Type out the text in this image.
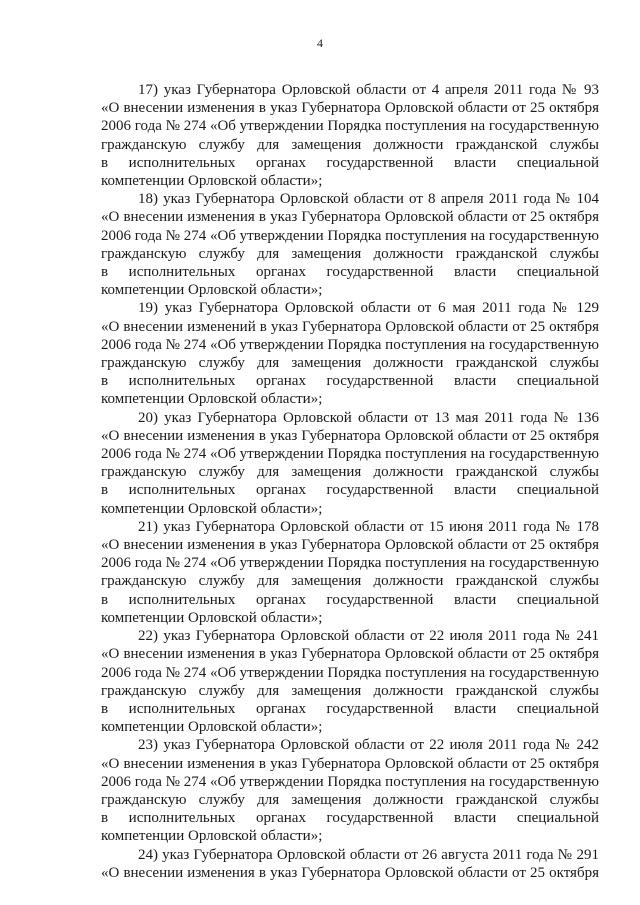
4
17) указ Губернатора Орловской области от 4 апреля 2011 года № 93
«О внесении изменения в указ Губернатора Орловской области от 25 октября
2006 года № 274 «Об утверждении Порядка поступления на государственную
гражданскую службу для замещения должности гражданской службы
в исполнительных органах государственной власти специальной
компетенции Орловской области»;
18) указ Губернатора Орловской области от 8 апреля 2011 года № 104
«О внесении изменения в указ Губернатора Орловской области от 25 октября
2006 года № 274 «Об утверждении Порядка поступления на государственную
гражданскую службу для замещения должности гражданской службы
в исполнительных органах государственной власти специальной
компетенции Орловской области»;
19) указ Губернатора Орловской области от 6 мая 2011 года № 129
«О внесении изменений в указ Губернатора Орловской области от 25 октября
2006 года № 274 «Об утверждении Порядка поступления на государственную
гражданскую службу для замещения должности гражданской службы
в исполнительных органах государственной власти специальной
компетенции Орловской области»;
20) указ Губернатора Орловской области от 13 мая 2011 года № 136
«О внесении изменения в указ Губернатора Орловской области от 25 октября
2006 года № 274 «Об утверждении Порядка поступления на государственную
гражданскую службу для замещения должности гражданской службы
в исполнительных органах государственной власти специальной
компетенции Орловской области»;
21) указ Губернатора Орловской области от 15 июня 2011 года № 178
«О внесении изменения в указ Губернатора Орловской области от 25 октября
2006 года № 274 «Об утверждении Порядка поступления на государственную
гражданскую службу для замещения должности гражданской службы
в исполнительных органах государственной власти специальной
компетенции Орловской области»;
22) указ Губернатора Орловской области от 22 июля 2011 года № 241
«О внесении изменения в указ Губернатора Орловской области от 25 октября
2006 года № 274 «Об утверждении Порядка поступления на государственную
гражданскую службу для замещения должности гражданской службы
в исполнительных органах государственной власти специальной
компетенции Орловской области»;
23) указ Губернатора Орловской области от 22 июля 2011 года № 242
«О внесении изменения в указ Губернатора Орловской области от 25 октября
2006 года № 274 «Об утверждении Порядка поступления на государственную
гражданскую службу для замещения должности гражданской службы
в исполнительных органах государственной власти специальной
компетенции Орловской области»;
24) указ Губернатора Орловской области от 26 августа 2011 года № 291
«О внесении изменения в указ Губернатора Орловской области от 25 октября
